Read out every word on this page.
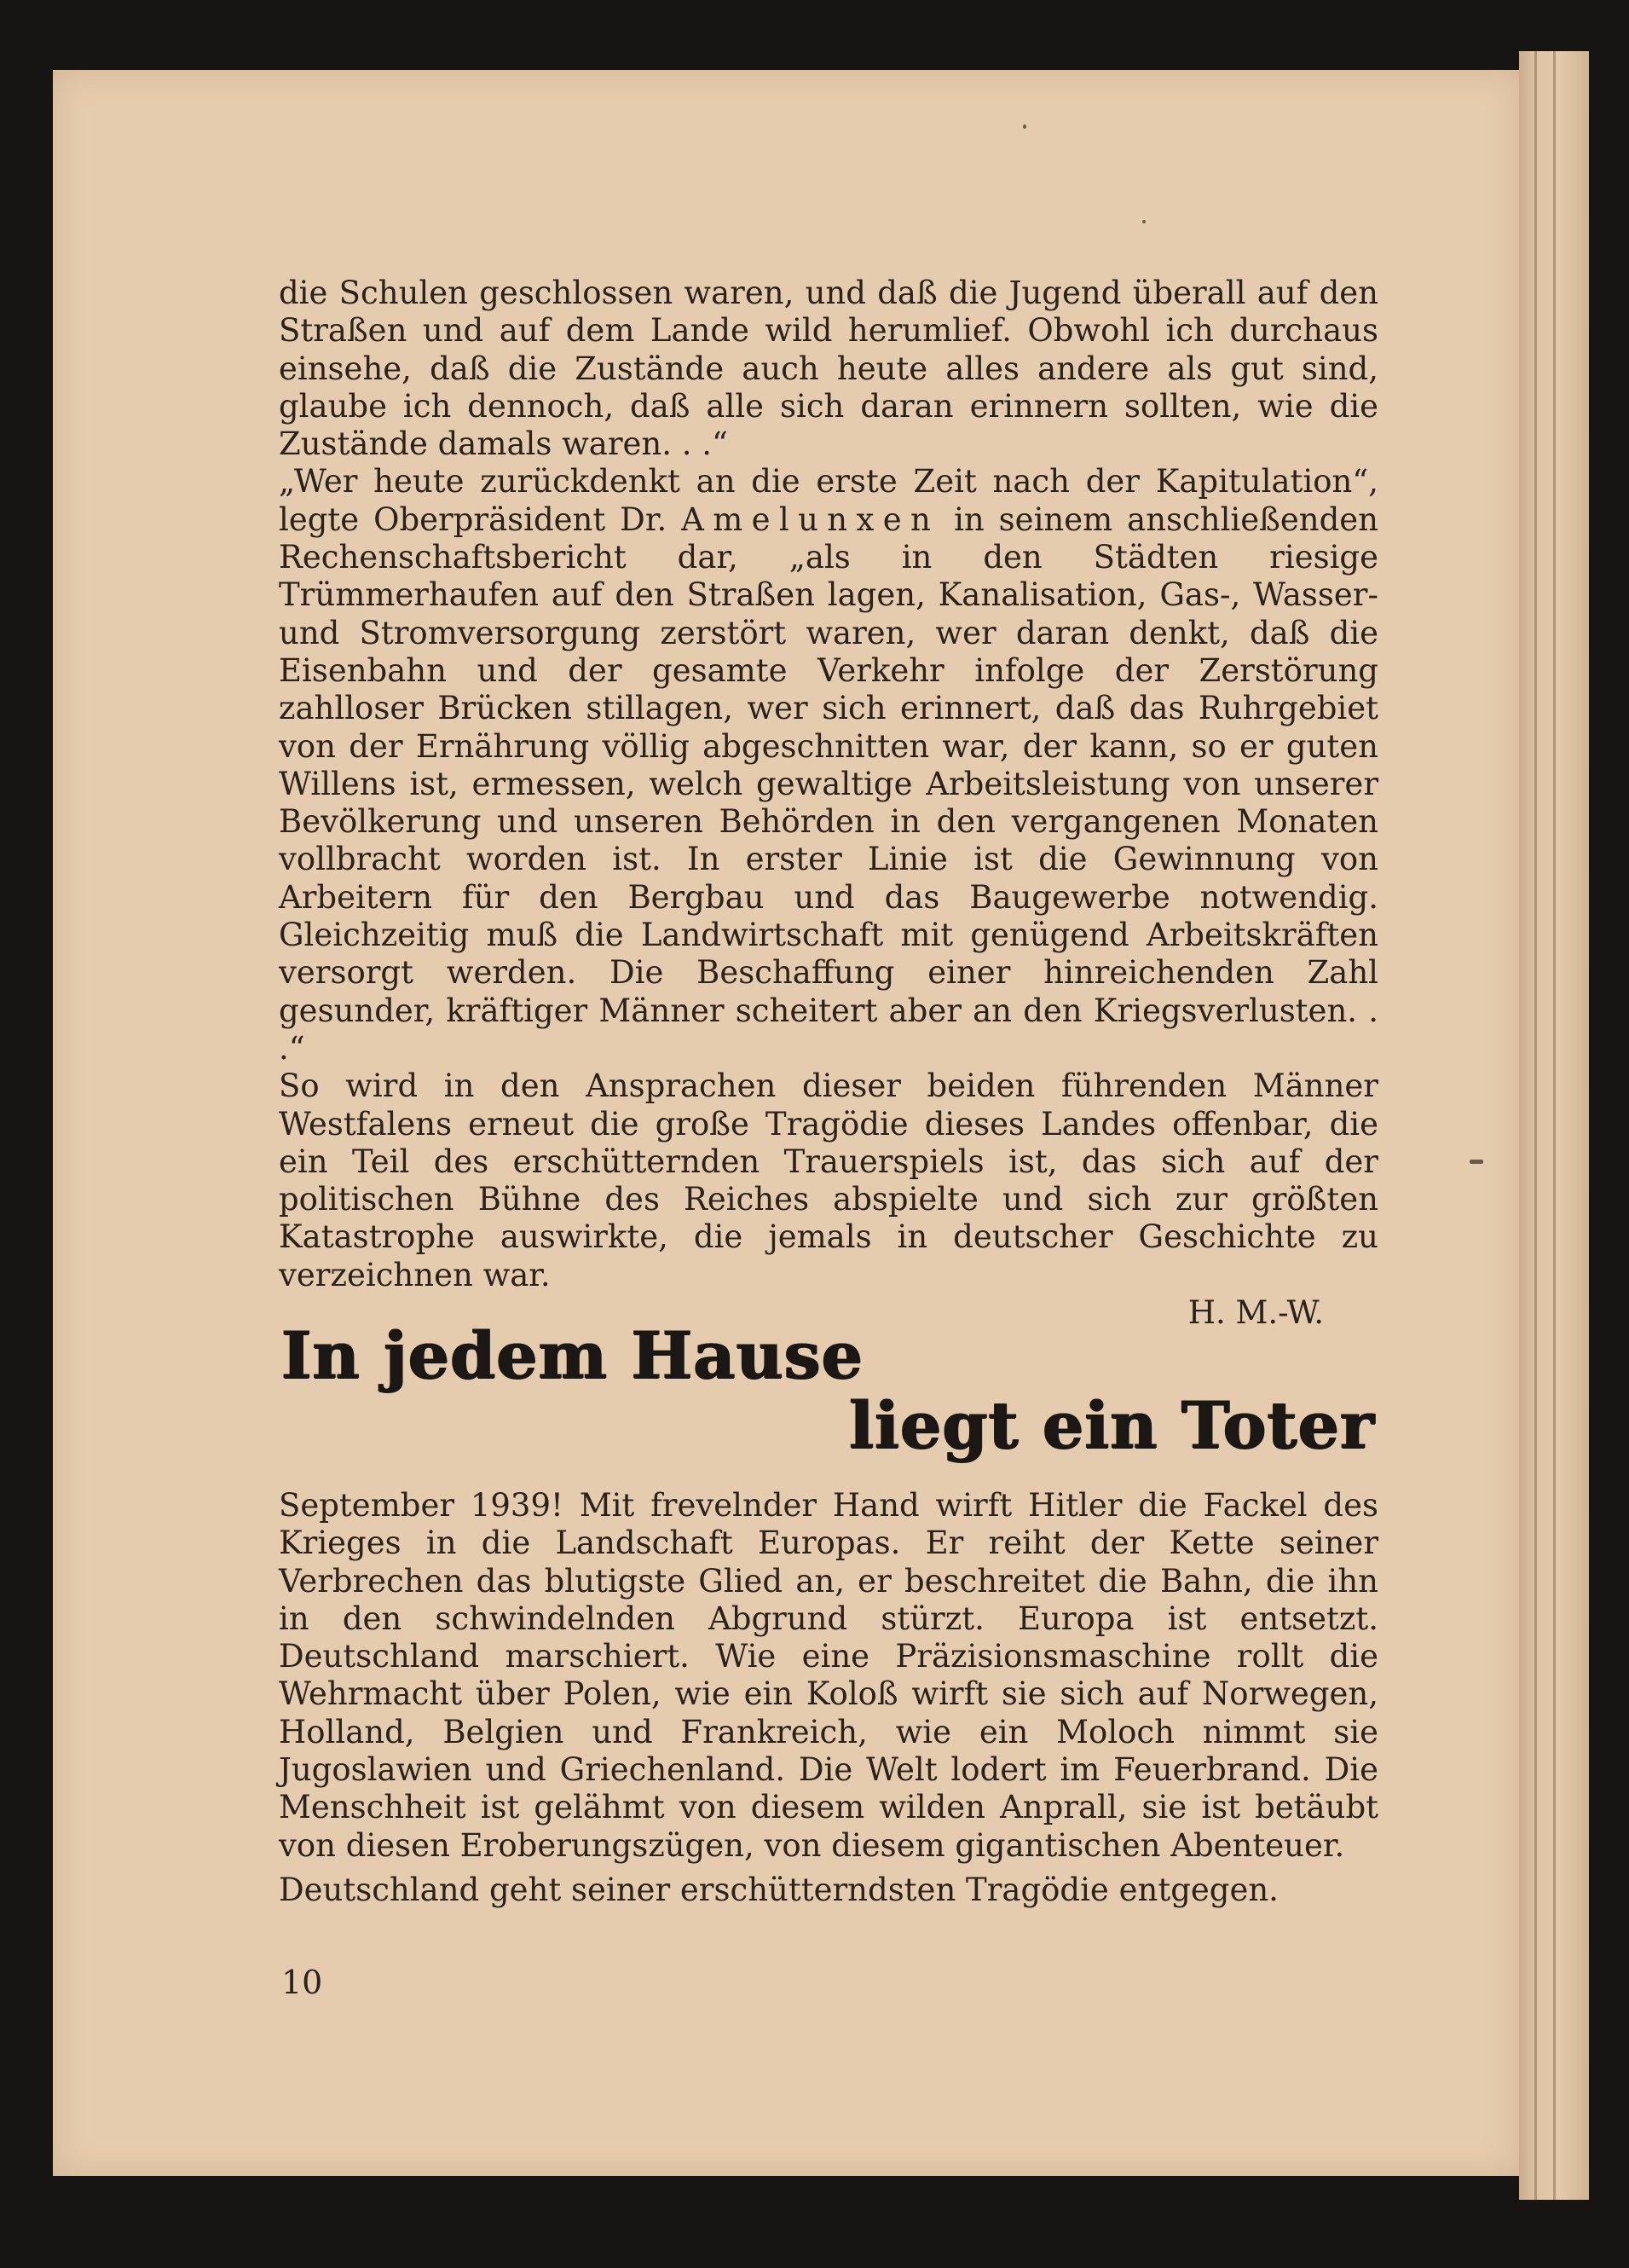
die Schulen geschlossen waren, und daß die Jugend überall auf den Straßen und auf dem Lande wild herumlief. Obwohl ich durchaus einsehe, daß die Zustände auch heute alles andere als gut sind, glaube ich dennoch, daß alle sich daran erinnern sollten, wie die Zustände damals waren. . .“

„Wer heute zurückdenkt an die erste Zeit nach der Kapitulation“, legte Oberpräsident Dr. Amelunxen in seinem anschließenden Rechenschaftsbericht dar, „als in den Städten riesige Trümmerhaufen auf den Straßen lagen, Kanalisation, Gas-, Wasser- und Stromversorgung zerstört waren, wer daran denkt, daß die Eisenbahn und der gesamte Verkehr infolge der Zerstörung zahlloser Brücken stillagen, wer sich erinnert, daß das Ruhrgebiet von der Ernährung völlig abgeschnitten war, der kann, so er guten Willens ist, ermessen, welch gewaltige Arbeitsleistung von unserer Bevölkerung und unseren Behörden in den vergangenen Monaten vollbracht worden ist. In erster Linie ist die Gewinnung von Arbeitern für den Bergbau und das Baugewerbe notwendig. Gleichzeitig muß die Landwirtschaft mit genügend Arbeitskräften versorgt werden. Die Beschaffung einer hinreichenden Zahl gesunder, kräftiger Männer scheitert aber an den Kriegsverlusten. . .“

So wird in den Ansprachen dieser beiden führenden Männer Westfalens erneut die große Tragödie dieses Landes offenbar, die ein Teil des erschütternden Trauerspiels ist, das sich auf der politischen Bühne des Reiches abspielte und sich zur größten Katastrophe auswirkte, die jemals in deutscher Geschichte zu verzeichnen war.

H. M.-W.

In jedem Hause
liegt ein Toter

September 1939! Mit frevelnder Hand wirft Hitler die Fackel des Krieges in die Landschaft Europas. Er reiht der Kette seiner Verbrechen das blutigste Glied an, er beschreitet die Bahn, die ihn in den schwindelnden Abgrund stürzt. Europa ist entsetzt. Deutschland marschiert. Wie eine Präzisionsmaschine rollt die Wehrmacht über Polen, wie ein Koloß wirft sie sich auf Norwegen, Holland, Belgien und Frankreich, wie ein Moloch nimmt sie Jugoslawien und Griechenland. Die Welt lodert im Feuerbrand. Die Menschheit ist gelähmt von diesem wilden Anprall, sie ist betäubt von diesen Eroberungszügen, von diesem gigantischen Abenteuer.

Deutschland geht seiner erschütterndsten Tragödie entgegen.

10
